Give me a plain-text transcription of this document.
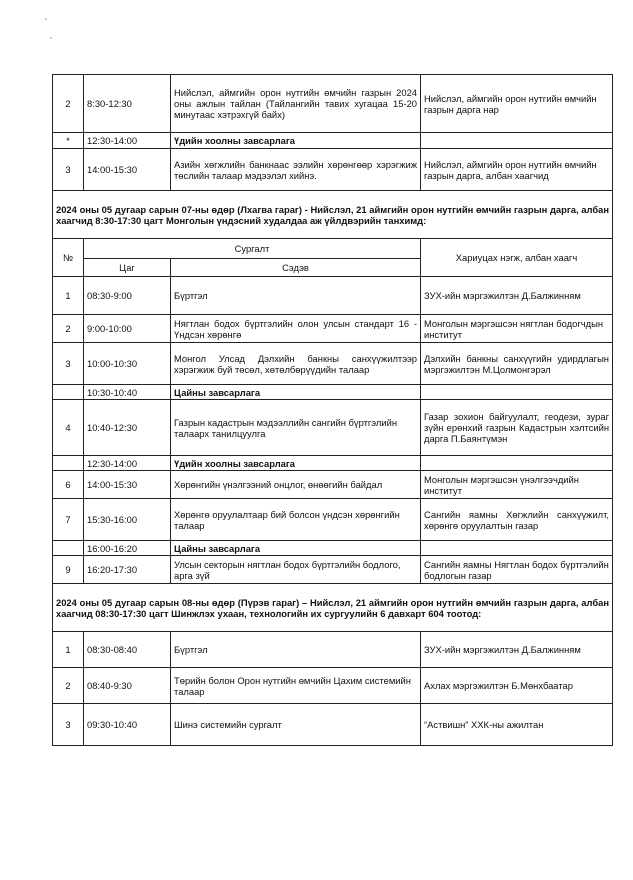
2	8:30-12:30	Нийслэл, аймгийн орон нутгийн өмчийн газрын 2024 оны ажлын тайлан (Тайлангийн тавих хугацаа 15-20 минутаас хэтрэхгүй байх)	Нийслэл, аймгийн орон нутгийн өмчийн газрын дарга нар
*	12:30-14:00	Үдийн хоолны завсарлага	
3	14:00-15:30	Азийн хөгжлийн банкнаас ээлийн хөрөнгөөр хэрэгжиж төслийн талаар мэдээлэл хийнэ.	Нийслэл, аймгийн орон нутгийн өмчийн газрын дарга, албан хаагчид
2024 оны 05 дугаар сарын 07-ны өдөр (Лхагва гараг) - Нийслэл, 21 аймгийн орон нутгийн өмчийн газрын дарга, албан хаагчид 8:30-17:30 цагт Монголын үндэсний худалдаа аж үйлдвэрийн танхимд:			
№	Сургалт		Хариуцах нэгж, албан хаагч
	Цаг	Сэдэв	
1	08:30-9:00	Бүртгэл	ЗУХ-ийн мэргэжилтэн Д.Балжинням
2	9:00-10:00	Нягтлан бодох бүртгэлийн олон улсын стандарт 16 - Үндсэн хөрөнгө	Монголын мэргэшсэн нягтлан бодогчдын институт
3	10:00-10:30	Монгол Улсад Дэлхийн банкны санхүүжилтээр хэрэгжиж буй төсөл, хөтөлбөрүүдийн талаар	Дэлхийн банкны санхүүгийн удирдлагын мэргэжилтэн М.Цолмонгэрэл
	10:30-10:40	Цайны завсарлага	
4	10:40-12:30	Газрын кадастрын мэдээллийн сангийн бүртгэлийн талаарх танилцуулга	Газар зохион байгуулалт, геодези, зураг зүйн ерөнхий газрын Кадастрын хэлтсийн дарга П.Баянтүмэн
	12:30-14:00	Үдийн хоолны завсарлага	
6	14:00-15:30	Хөрөнгийн үнэлгээний онцлог, өнөөгийн байдал	Монголын мэргэшсэн үнэлгээчдийн институт
7	15:30-16:00	Хөрөнгө оруулалтаар бий болсон үндсэн хөрөнгийн талаар	Сангийн яамны Хөгжлийн санхүүжилт, хөрөнгө оруулалтын газар
	16:00-16:20	Цайны завсарлага	
9	16:20-17:30	Улсын секторын нягтлан бодох бүртгэлийн бодлого, арга зүй	Сангийн яамны Нягтлан бодох бүртгэлийн бодлогын газар
2024 оны 05 дугаар сарын 08-ны өдөр (Пүрэв гараг) – Нийслэл, 21 аймгийн орон нутгийн өмчийн газрын дарга, албан хаагчид 08:30-17:30 цагт Шинжлэх ухаан, технологийн их сургуулийн 6 давхарт 604 тоотод:			
1	08:30-08:40	Бүртгэл	ЗУХ-ийн мэргэжилтэн Д.Балжинням
2	08:40-9:30	Төрийн болон Орон нутгийн өмчийн Цахим системийн талаар	Ахлах мэргэжилтэн Б.Мөнхбаатар
3	09:30-10:40	Шинэ системийн сургалт	“Аствишн” ХХК-ны ажилтан
